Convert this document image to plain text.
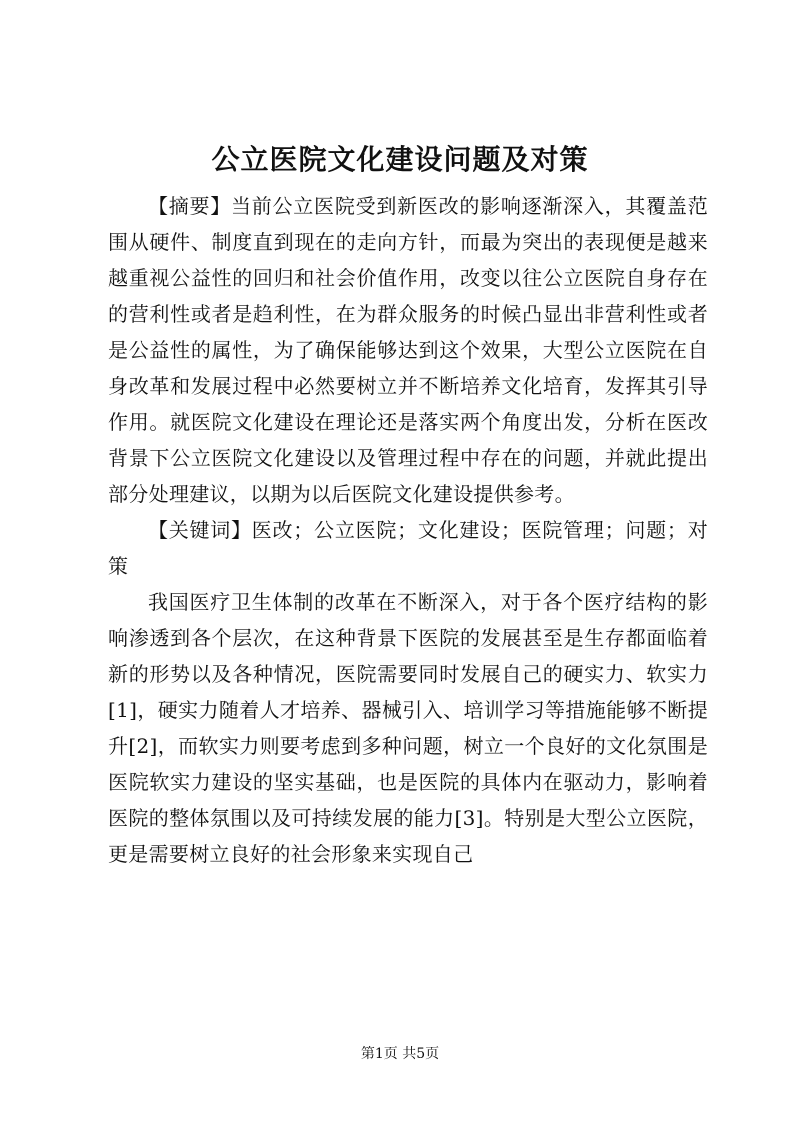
公立医院文化建设问题及对策

【摘要】当前公立医院受到新医改的影响逐渐深入，其覆盖范围从硬件、制度直到现在的走向方针，而最为突出的表现便是越来越重视公益性的回归和社会价值作用，改变以往公立医院自身存在的营利性或者是趋利性，在为群众服务的时候凸显出非营利性或者是公益性的属性，为了确保能够达到这个效果，大型公立医院在自身改革和发展过程中必然要树立并不断培养文化培育，发挥其引导作用。就医院文化建设在理论还是落实两个角度出发，分析在医改背景下公立医院文化建设以及管理过程中存在的问题，并就此提出部分处理建议，以期为以后医院文化建设提供参考。

【关键词】医改；公立医院；文化建设；医院管理；问题；对策

我国医疗卫生体制的改革在不断深入，对于各个医疗结构的影响渗透到各个层次，在这种背景下医院的发展甚至是生存都面临着新的形势以及各种情况，医院需要同时发展自己的硬实力、软实力[1]，硬实力随着人才培养、器械引入、培训学习等措施能够不断提升[2]，而软实力则要考虑到多种问题，树立一个良好的文化氛围是医院软实力建设的坚实基础，也是医院的具体内在驱动力，影响着医院的整体氛围以及可持续发展的能力[3]。特别是大型公立医院，更是需要树立良好的社会形象来实现自己

第1页 共5页
